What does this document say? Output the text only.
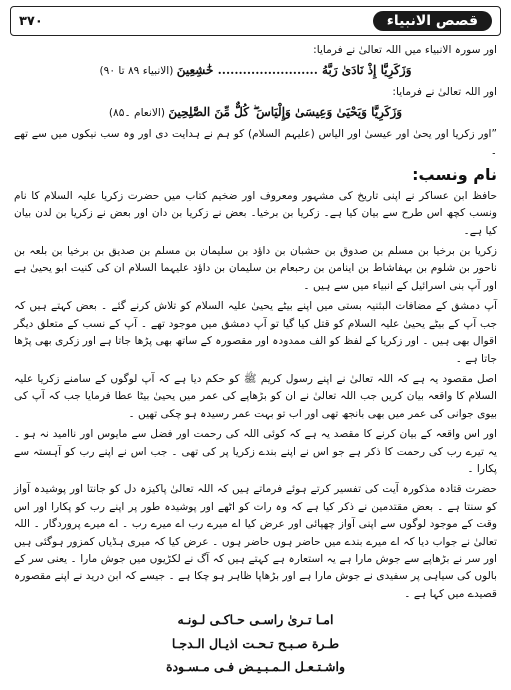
۳۷۰	قصص الانبیاء

اور سورہ الانبیاء میں اللہ تعالیٰ نے فرمایا:

وَزَكَرِيَّا إِذْ نَادَىٰ رَبَّهُ ........................ خَٰشِعِينَ (الانبیاء ۸۹ تا ۹۰)

اور اللہ تعالیٰ نے فرمایا:

وَزَكَرِيَّا وَيَحْيَىٰ وَعِيسَىٰ وَإِلْيَاسَ ۖ كُلٌّ مِّنَ الصَّٰلِحِينَ (الانعام ۔۸۵)

”اور زکریا اور یحیٰ اور عیسیٰ اور الیاس (علیہم السلام) کو ہم نے ہدایت دی اور وہ سب نیکوں میں سے تھے ۔

نام ونسب:

حافظ ابن عساکر نے اپنی تاریخ کی مشہور ومعروف اور ضخیم کتاب میں حضرت زکریا علیہ السلام کا نام ونسب کچھ اس طرح سے بیان کیا ہے۔ زکریا بن برخیا۔ بعض نے زکریا بن دان اور بعض نے زکریا بن لدن بیان کیا ہے۔

زکریا بن برخیا بن مسلم بن صدوق بن حشبان بن داؤد بن سلیمان بن مسلم بن صدیق بن برخیا بن بلعہ بن ناحور بن شلوم بن بہفاشاط بن اینامن بن رحبعام بن سلیمان بن داؤد علیہما السلام ان کی کنیت ابو یحییٰ ہے اور آپ بنی اسرائیل کے انبیاء میں سے ہیں ۔

آپ دمشق کے مضافات البثنیہ بستی میں اپنے بیٹے یحییٰ علیہ السلام کو تلاش کرنے گئے ۔ بعض کہتے ہیں کہ جب آپ کے بیٹے یحییٰ علیہ السلام کو قتل کیا گیا تو آپ دمشق میں موجود تھے ۔ آپ کے نسب کے متعلق دیگر اقوال بھی ہیں ۔ اور زکریا کے لفظ کو الف ممدودہ اور مقصورہ کے ساتھ بھی پڑھا جاتا ہے اور زکری بھی پڑھا جاتا ہے ۔

اصل مقصود یہ ہے کہ اللہ تعالیٰ نے اپنے رسول کریم ﷺ کو حکم دیا ہے کہ آپ لوگوں کے سامنے زکریا علیہ السلام کا واقعہ بیان کریں جب اللہ تعالیٰ نے ان کو بڑھاپے کی عمر میں یحییٰ بیٹا عطا فرمایا جب کہ آپ کی بیوی جوانی کی عمر میں بھی بانجھ تھی اور اب تو بہت عمر رسیدہ ہو چکی تھیں ۔

اور اس واقعہ کے بیان کرنے کا مقصد یہ ہے کہ کوئی اللہ کی رحمت اور فضل سے مایوس اور ناامید نہ ہو ۔ یہ تیرے رب کی رحمت کا ذکر ہے جو اس نے اپنے بندے زکریا پر کی تھی ۔ جب اس نے اپنے رب کو آہستہ سے پکارا ۔

حضرت قتادہ مذکورہ آیت کی تفسیر کرتے ہوئے فرماتے ہیں کہ اللہ تعالیٰ پاکیزہ دل کو جانتا اور پوشیدہ آواز کو سنتا ہے ۔ بعض مقتدمین نے ذکر کیا ہے کہ وہ رات کو اٹھے اور پوشیدہ طور پر اپنے رب کو پکارا اور اس وقت کے موجود لوگوں سے اپنی آواز چھپائی اور عرض کیا اے میرے رب اے میرے رب ۔ اے میرے پروردگار ۔ اللہ تعالیٰ نے جواب دیا کہ اے میرے بندے میں حاضر ہوں حاضر ہوں ۔ عرض کیا کہ میری ہڈیاں کمزور ہوگئی ہیں اور سر نے بڑھاپے سے جوش مارا ہے یہ استعارہ ہے کہتے ہیں کہ آگ نے لکڑیوں میں جوش مارا ۔ یعنی سر کے بالوں کی سیاہی پر سفیدی نے جوش مارا ہے اور بڑھاپا ظاہر ہو چکا ہے ۔ جیسے کہ ابن درید نے اپنے مقصورہ قصیدے میں کہا ہے ۔

امـا تـریٰ راسـی حـاکـی لـونـه
طـرة صـبـح تـحـت اذیـال الـدجـا
واشـتـعـل الـمـبـیـض فـی مـسـودة
